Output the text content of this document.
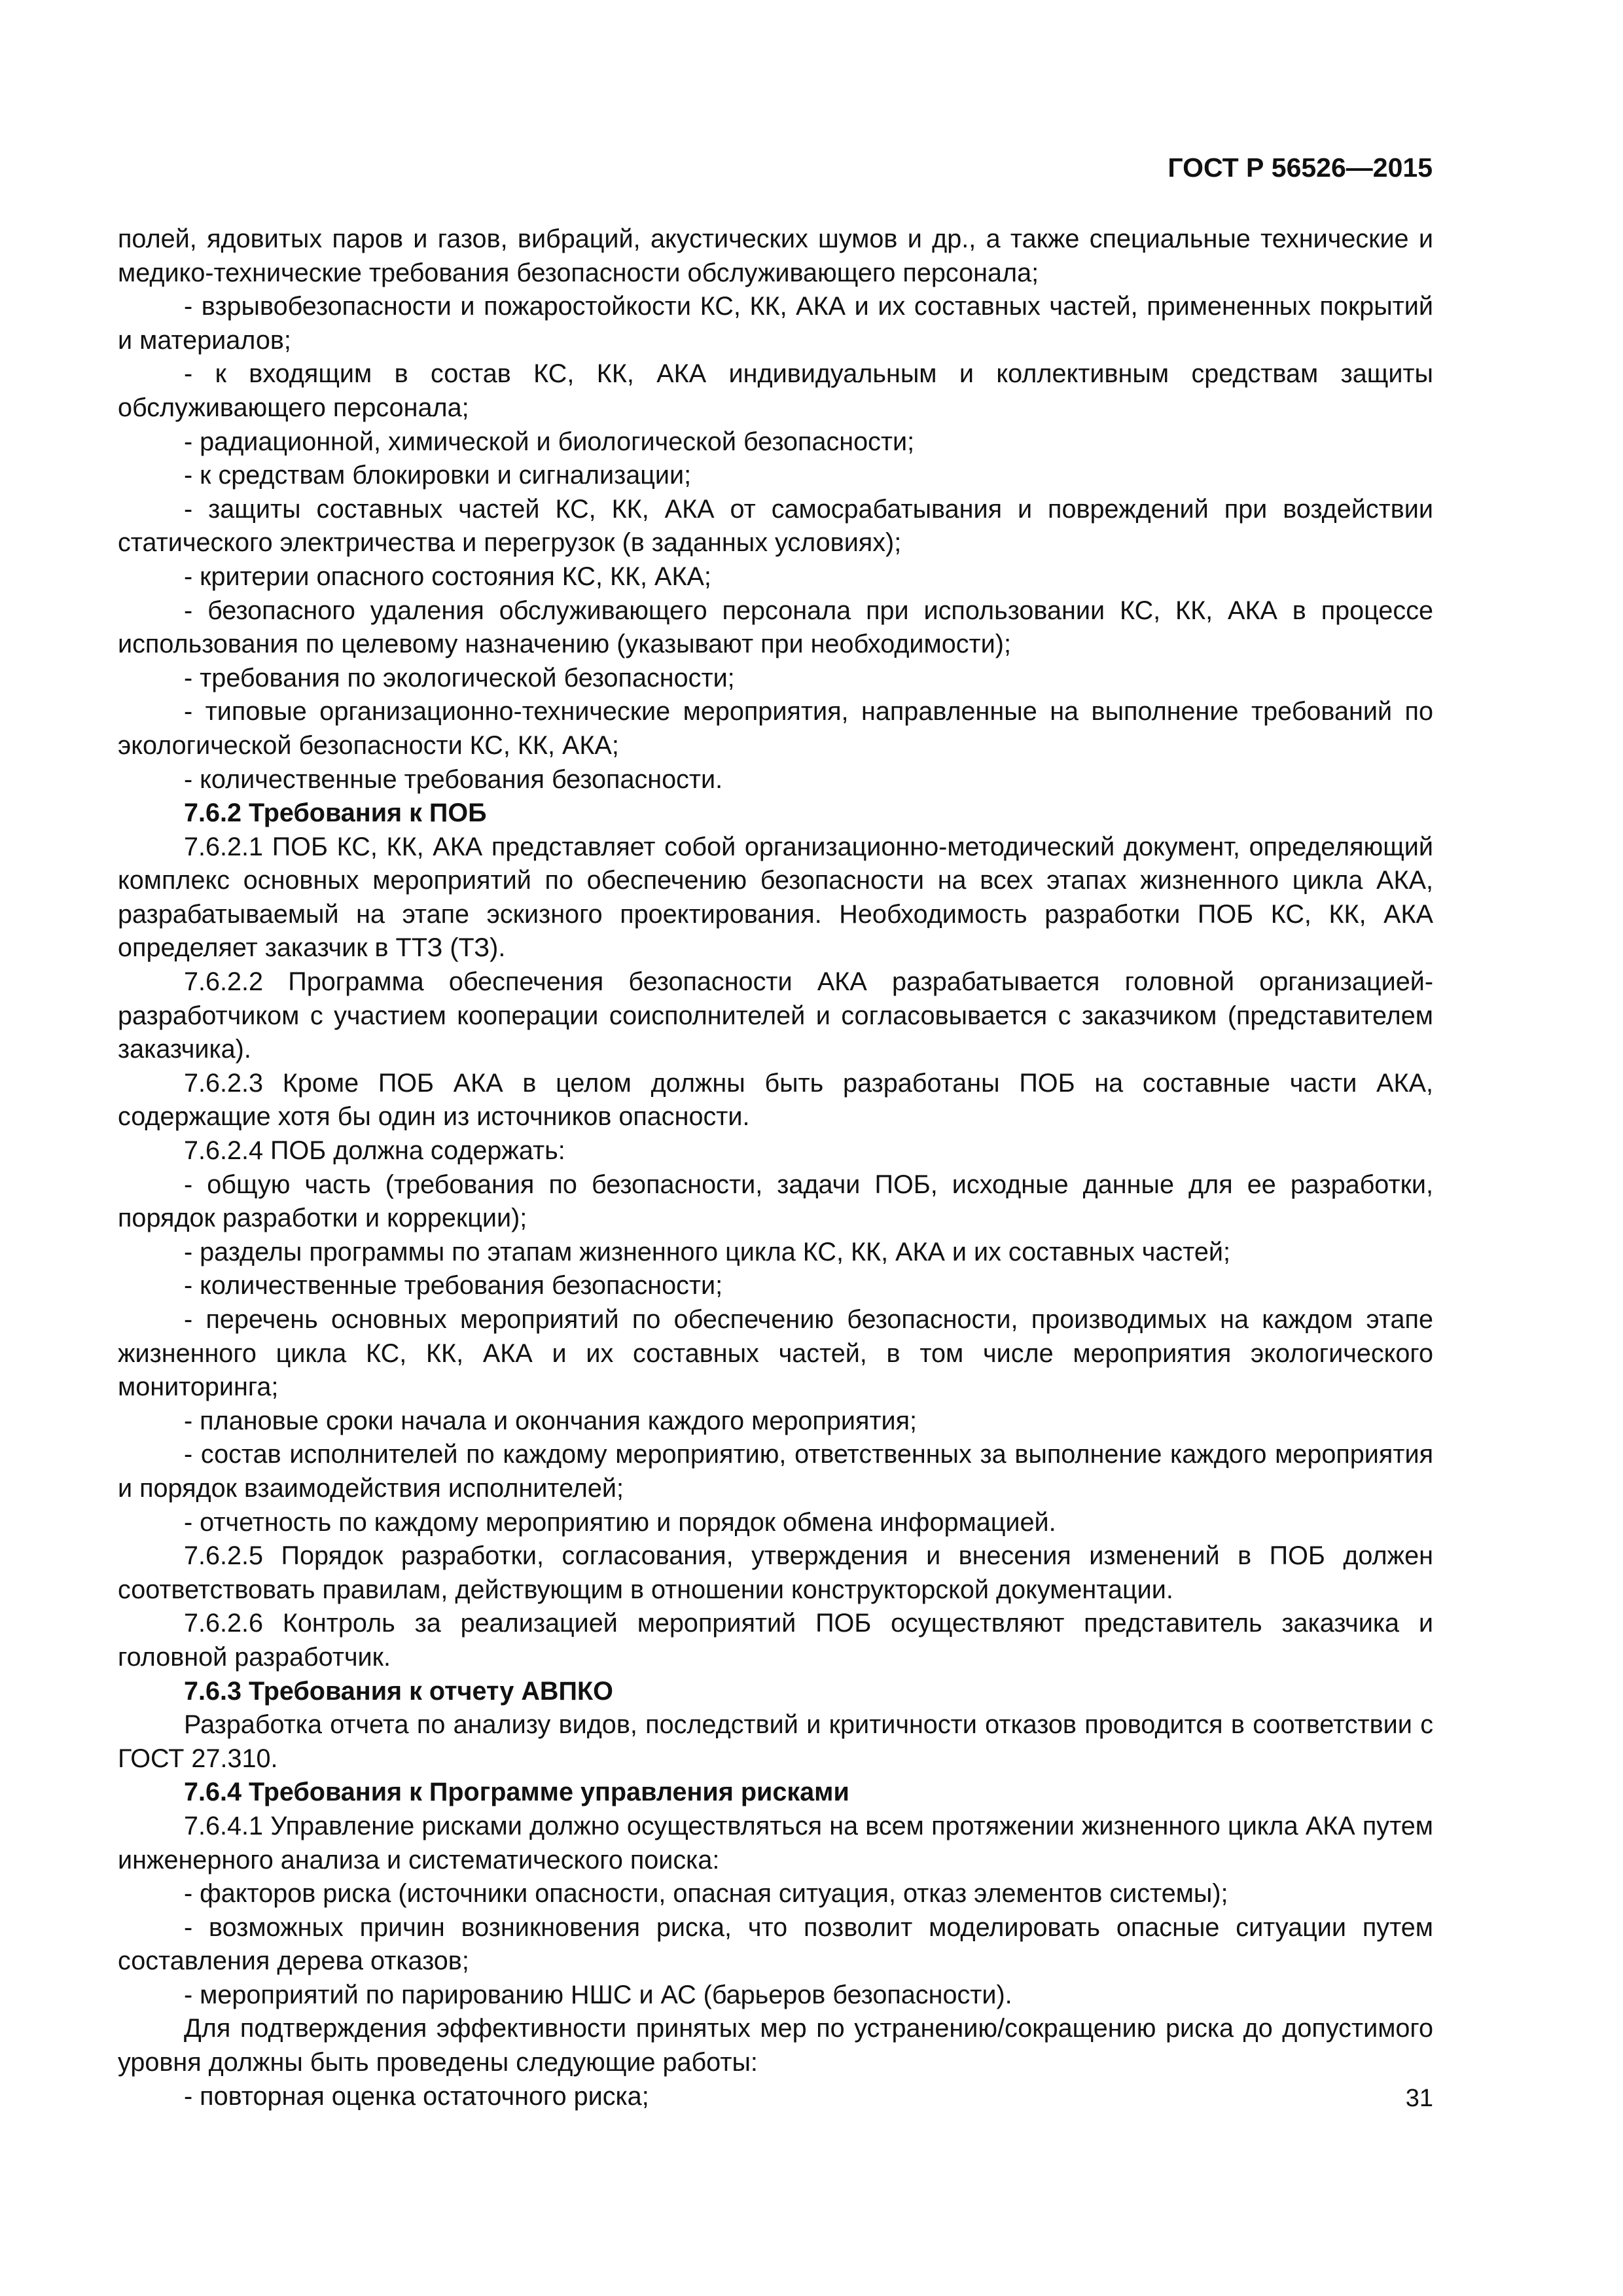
ГОСТ Р 56526—2015

полей, ядовитых паров и газов, вибраций, акустических шумов и др., а также специальные технические и медико-технические требования безопасности обслуживающего персонала;

- взрывобезопасности и пожаростойкости КС, КК, АКА и их составных частей, примененных покрытий и материалов;

- к входящим в состав КС, КК, АКА индивидуальным и коллективным средствам защиты обслуживающего персонала;

- радиационной, химической и биологической безопасности;

- к средствам блокировки и сигнализации;

- защиты составных частей КС, КК, АКА от самосрабатывания и повреждений при воздействии статического электричества и перегрузок (в заданных условиях);

- критерии опасного состояния КС, КК, АКА;

- безопасного удаления обслуживающего персонала при использовании КС, КК, АКА в процессе использования по целевому назначению (указывают при необходимости);

- требования по экологической безопасности;

- типовые организационно-технические мероприятия, направленные на выполнение требований по экологической безопасности КС, КК, АКА;

- количественные требования безопасности.

7.6.2 Требования к ПОБ

7.6.2.1 ПОБ КС, КК, АКА представляет собой организационно-методический документ, определяющий комплекс основных мероприятий по обеспечению безопасности на всех этапах жизненного цикла АКА, разрабатываемый на этапе эскизного проектирования. Необходимость разработки ПОБ КС, КК, АКА определяет заказчик в ТТЗ (ТЗ).

7.6.2.2 Программа обеспечения безопасности АКА разрабатывается головной организацией-разработчиком с участием кооперации соисполнителей и согласовывается с заказчиком (представителем заказчика).

7.6.2.3 Кроме ПОБ АКА в целом должны быть разработаны ПОБ на составные части АКА, содержащие хотя бы один из источников опасности.

7.6.2.4 ПОБ должна содержать:

- общую часть (требования по безопасности, задачи ПОБ, исходные данные для ее разработки, порядок разработки и коррекции);

- разделы программы по этапам жизненного цикла КС, КК, АКА и их составных частей;

- количественные требования безопасности;

- перечень основных мероприятий по обеспечению безопасности, производимых на каждом этапе жизненного цикла КС, КК, АКА и их составных частей, в том числе мероприятия экологического мониторинга;

- плановые сроки начала и окончания каждого мероприятия;

- состав исполнителей по каждому мероприятию, ответственных за выполнение каждого мероприятия и порядок взаимодействия исполнителей;

- отчетность по каждому мероприятию и порядок обмена информацией.

7.6.2.5 Порядок разработки, согласования, утверждения и внесения изменений в ПОБ должен соответствовать правилам, действующим в отношении конструкторской документации.

7.6.2.6 Контроль за реализацией мероприятий ПОБ осуществляют представитель заказчика и головной разработчик.

7.6.3 Требования к отчету АВПКО

Разработка отчета по анализу видов, последствий и критичности отказов проводится в соответствии с ГОСТ 27.310.

7.6.4 Требования к Программе управления рисками

7.6.4.1 Управление рисками должно осуществляться на всем протяжении жизненного цикла АКА путем инженерного анализа и систематического поиска:

- факторов риска (источники опасности, опасная ситуация, отказ элементов системы);

- возможных причин возникновения риска, что позволит моделировать опасные ситуации путем составления дерева отказов;

- мероприятий по парированию НШС и АС (барьеров безопасности).

Для подтверждения эффективности принятых мер по устранению/сокращению риска до допустимого уровня должны быть проведены следующие работы:

- повторная оценка остаточного риска;	31
